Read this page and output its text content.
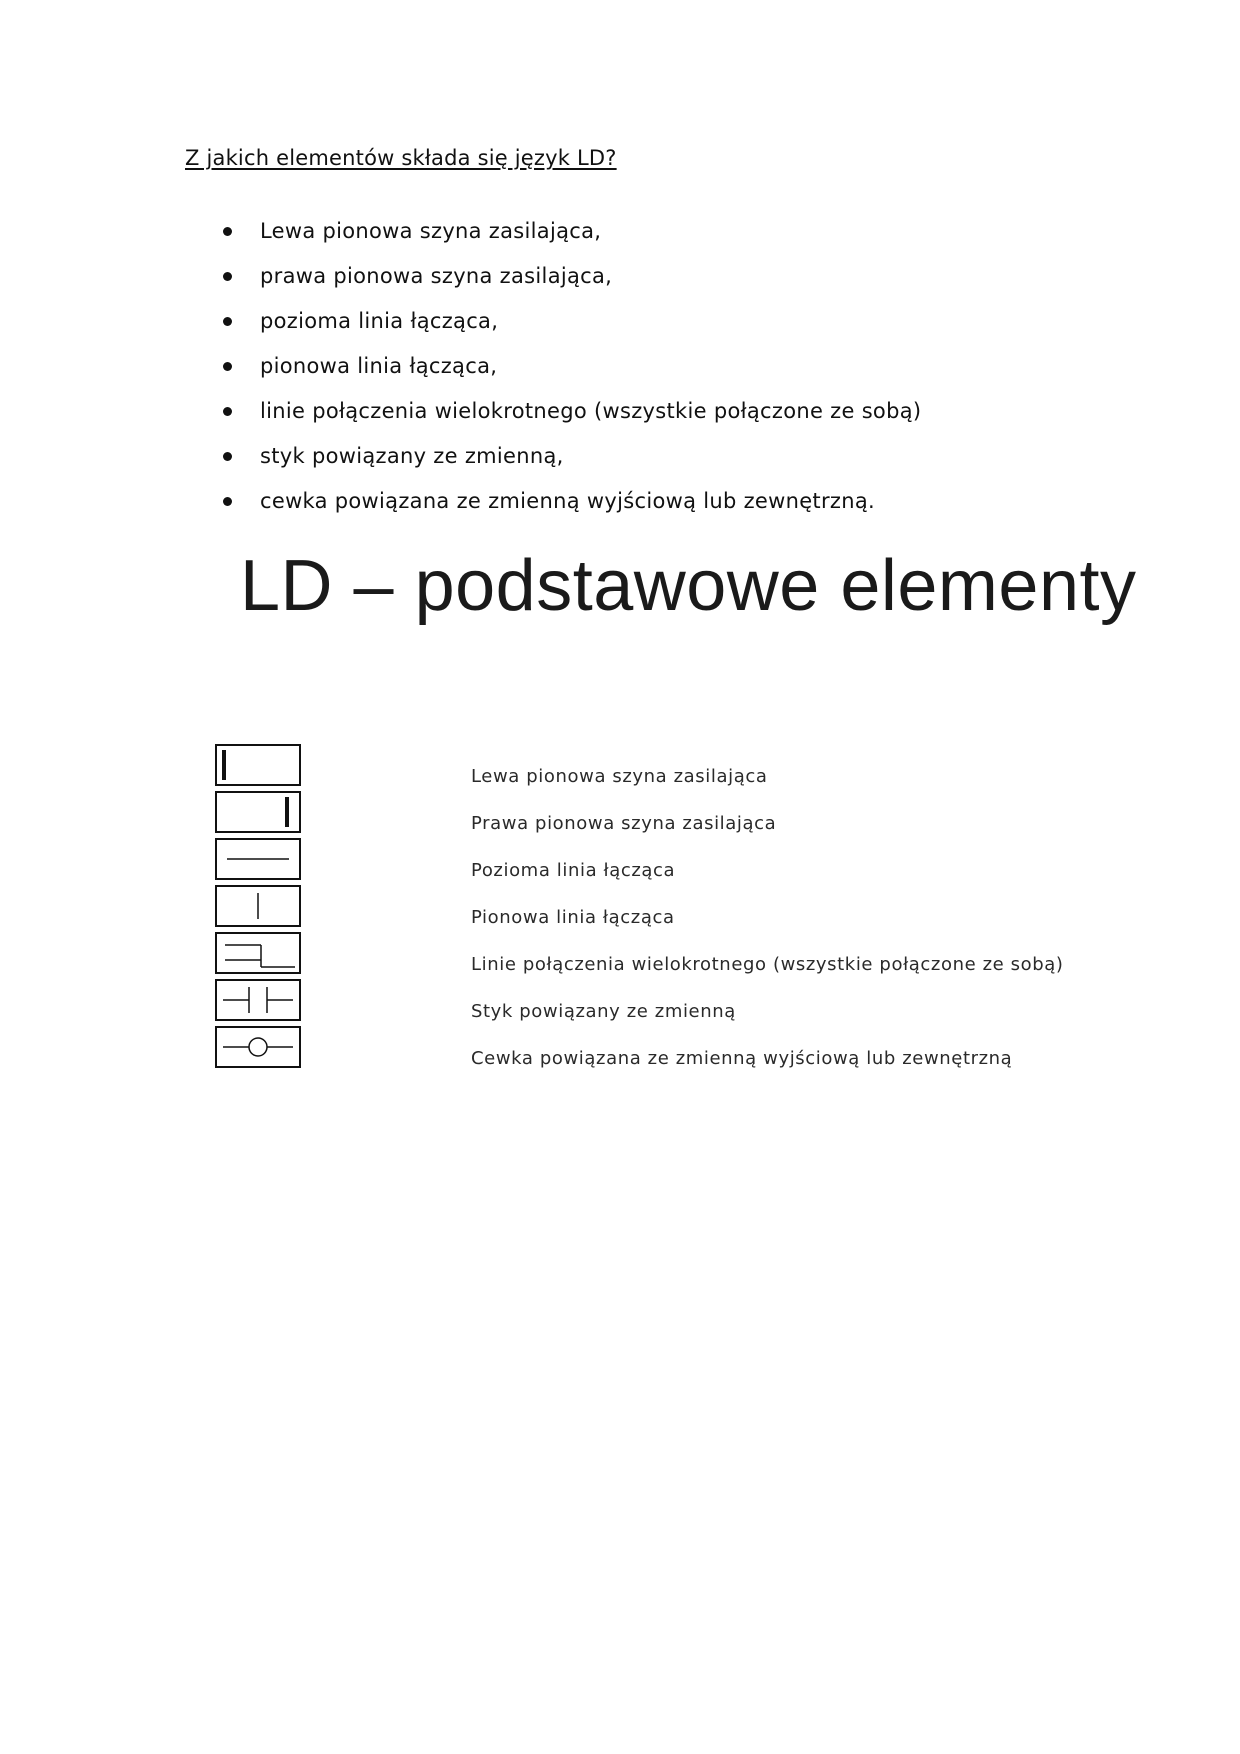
Z jakich elementów składa się język LD?
Lewa pionowa szyna zasilająca,
prawa pionowa szyna zasilająca,
pozioma linia łącząca,
pionowa linia łącząca,
linie połączenia wielokrotnego (wszystkie połączone ze sobą)
styk powiązany ze zmienną,
cewka powiązana ze zmienną wyjściową lub zewnętrzną.
LD – podstawowe elementy
Lewa pionowa szyna zasilająca
Prawa pionowa szyna zasilająca
Pozioma linia łącząca
Pionowa linia łącząca
Linie połączenia wielokrotnego (wszystkie połączone ze sobą)
Styk powiązany ze zmienną
Cewka powiązana ze zmienną wyjściową lub zewnętrzną
